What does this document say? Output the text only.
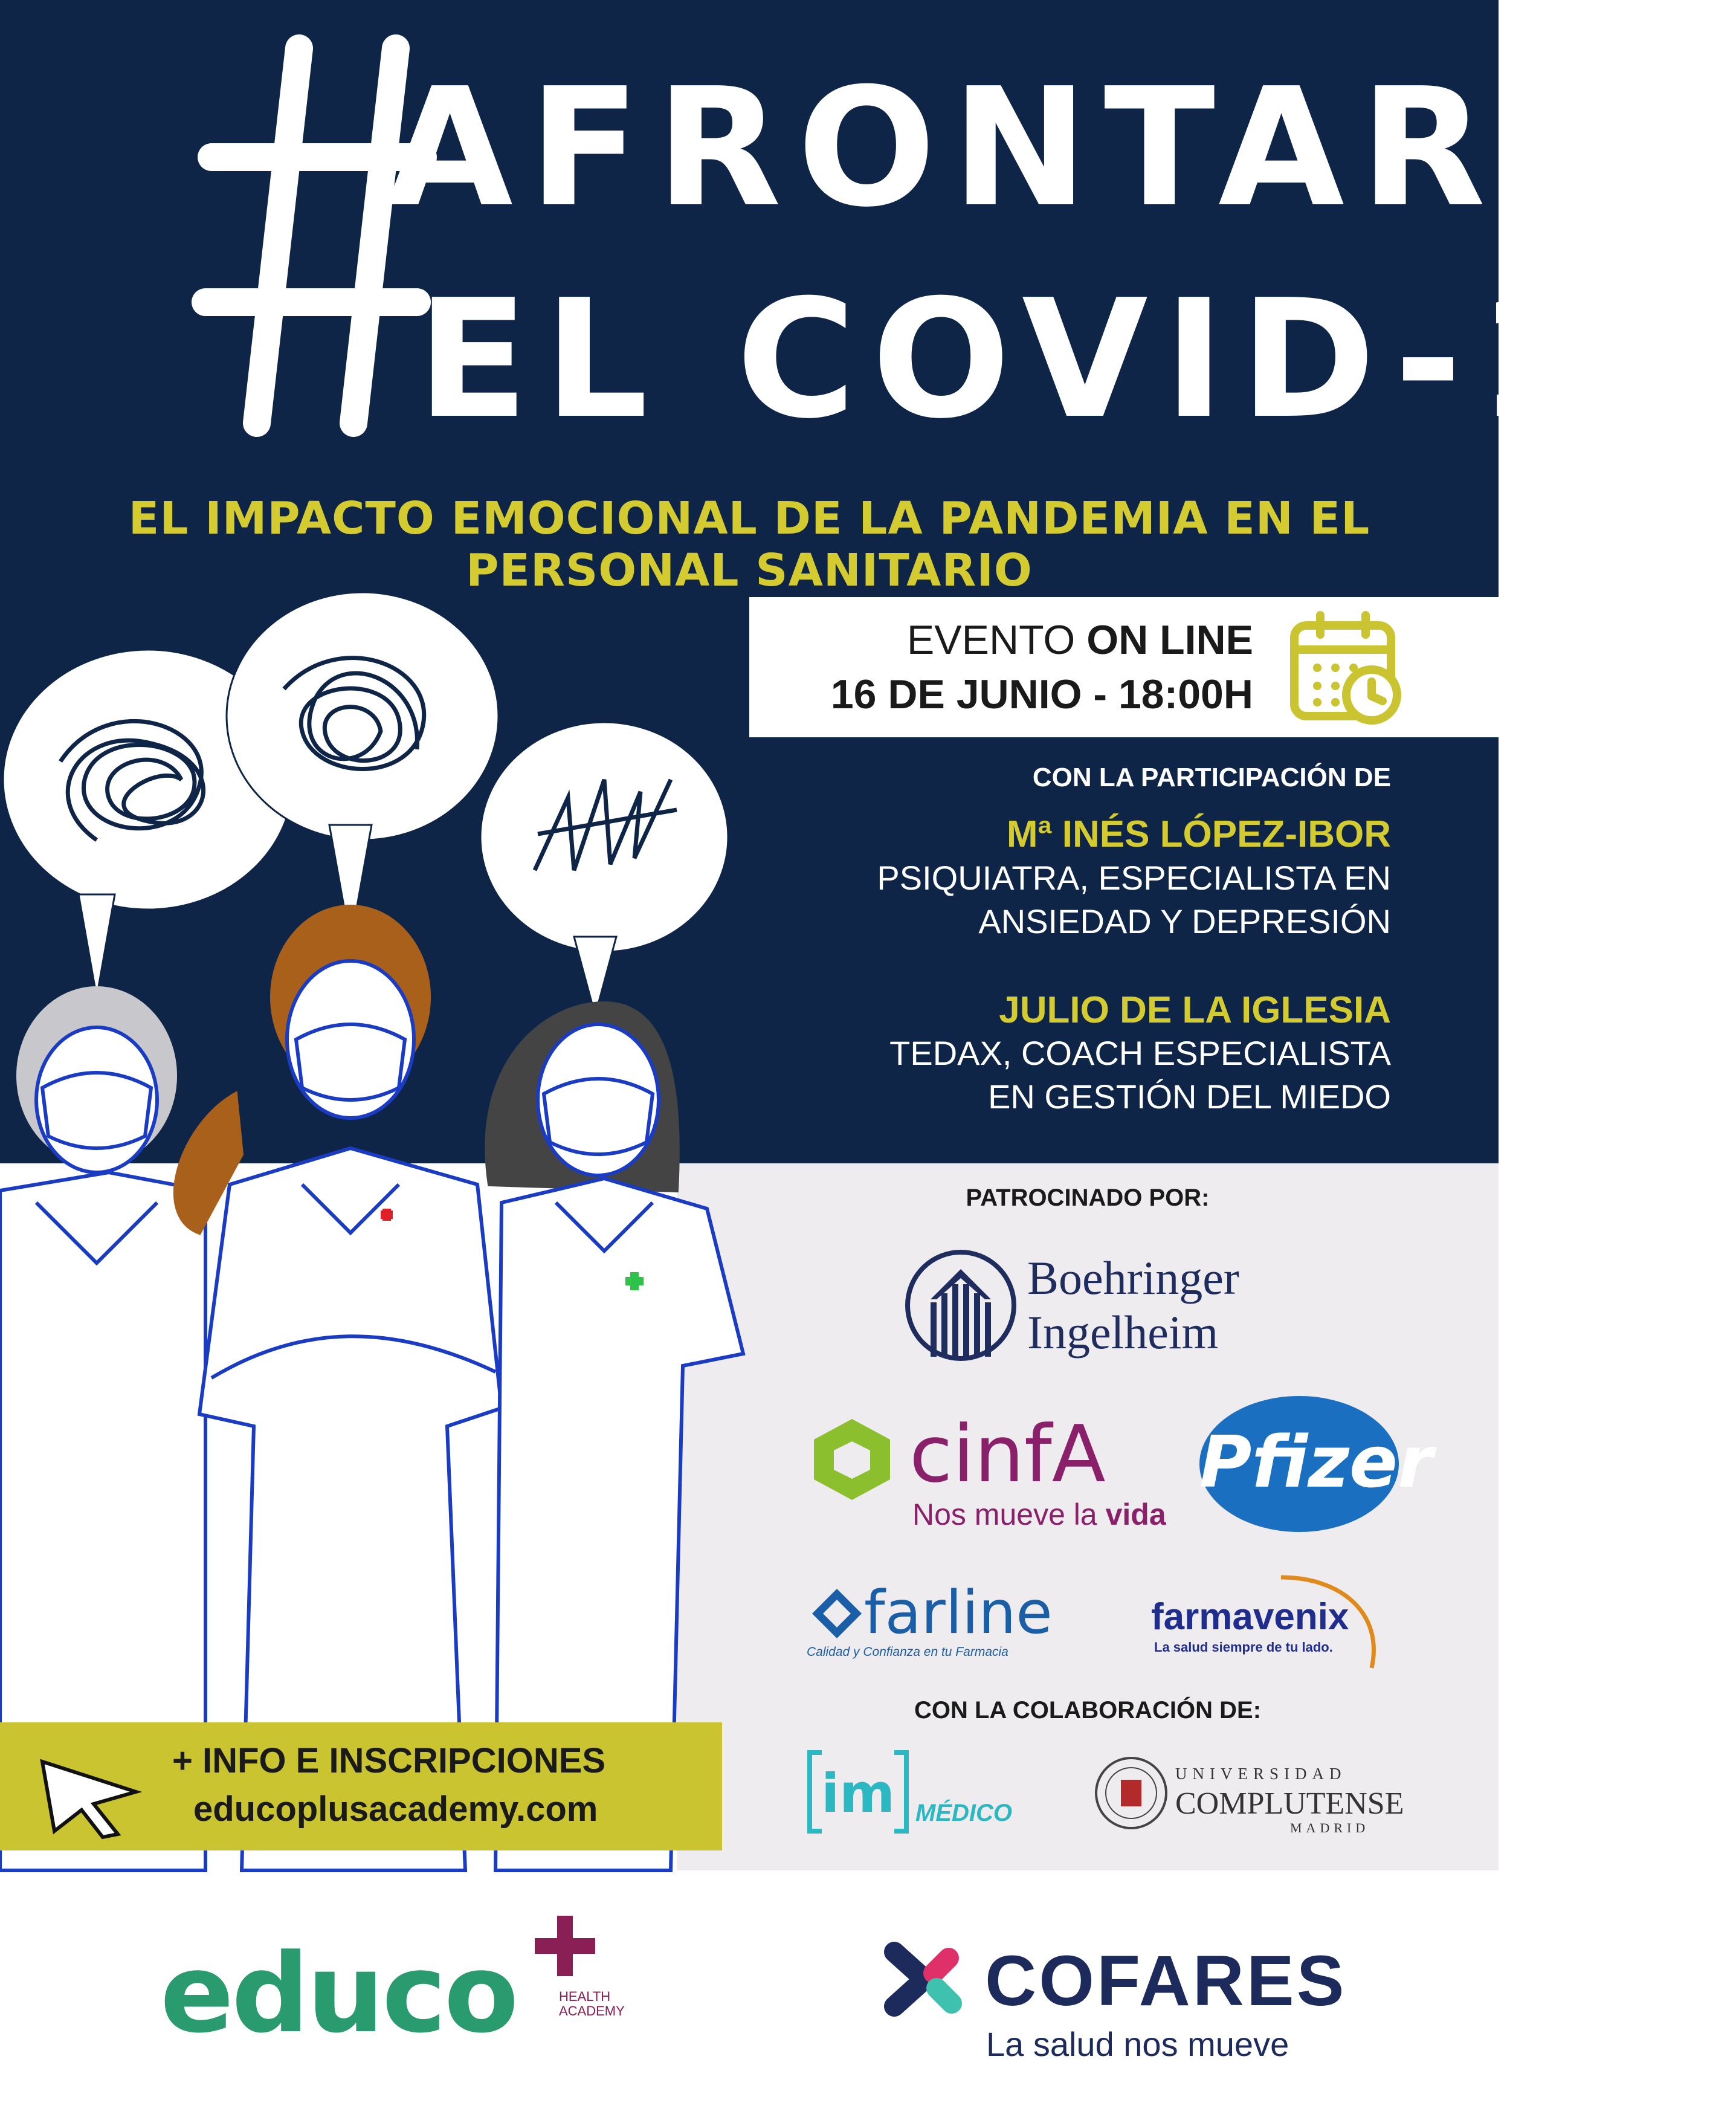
AFRONTAR
EL COVID-19
EL IMPACTO EMOCIONAL DE LA PANDEMIA EN EL PERSONAL SANITARIO
EVENTO ON LINE
16 DE JUNIO - 18:00H
CON LA PARTICIPACIÓN DE
Mª INÉS LÓPEZ-IBOR
PSIQUIATRA, ESPECIALISTA EN
ANSIEDAD Y DEPRESIÓN
JULIO DE LA IGLESIA
TEDAX, COACH ESPECIALISTA
EN GESTIÓN DEL MIEDO
+ INFO E INSCRIPCIONES
educoplusacademy.com
PATROCINADO POR:
Boehringer
Ingelheim
cinfA
Nos mueve la vida
Pfizer
farline
Calidad y Confianza en tu Farmacia
farmavenix
La salud siempre de tu lado.
CON LA COLABORACIÓN DE:
im MÉDICO
UNIVERSIDAD
COMPLUTENSE
MADRID
educo	HEALTH
ACADEMY	COFARES
La salud nos mueve
